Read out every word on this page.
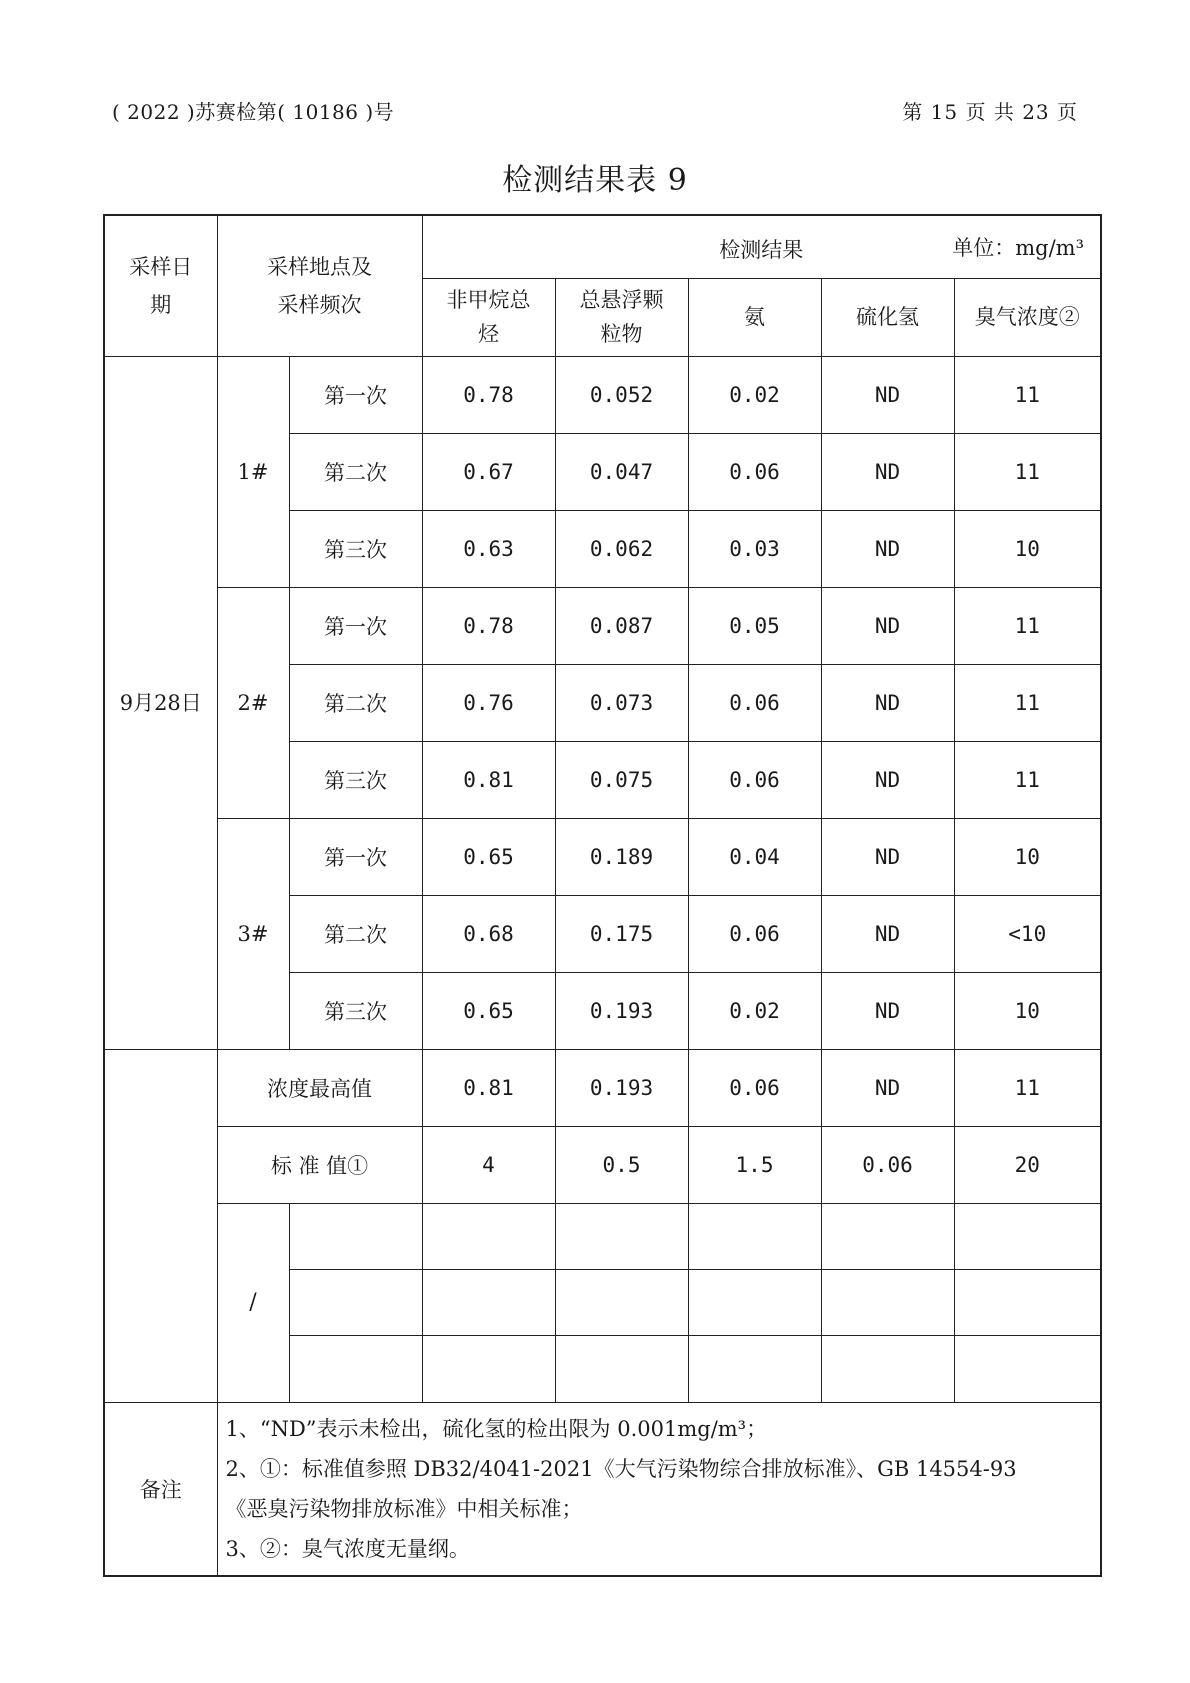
( 2022 )苏赛检第( 10186 )号	第 15 页 共 23 页
检测结果表 9
采样日期	采样地点及采样频次		检测结果 单位：mg/m³				

			非甲烷总烃	总悬浮颗粒物	氨	硫化氢	臭气浓度②

9月28日	1#	第一次	0.78	0.052	0.02	ND	11
		第二次	0.67	0.047	0.06	ND	11
		第三次	0.63	0.062	0.03	ND	10
	2#	第一次	0.78	0.087	0.05	ND	11
		第二次	0.76	0.073	0.06	ND	11
		第三次	0.81	0.075	0.06	ND	11
	3#	第一次	0.65	0.189	0.04	ND	10
		第二次	0.68	0.175	0.06	ND	<10
		第三次	0.65	0.193	0.02	ND	10
	浓度最高值		0.81	0.193	0.06	ND	11
	标 准 值①		4	0.5	1.5	0.06	20
	/						

备注	1、“ND”表示未检出，硫化氢的检出限为 0.001mg/m³；
2、①：标准值参照 DB32/4041-2021《大气污染物综合排放标准》、GB 14554-93
《恶臭污染物排放标准》中相关标准；
3、②：臭气浓度无量纲。						
